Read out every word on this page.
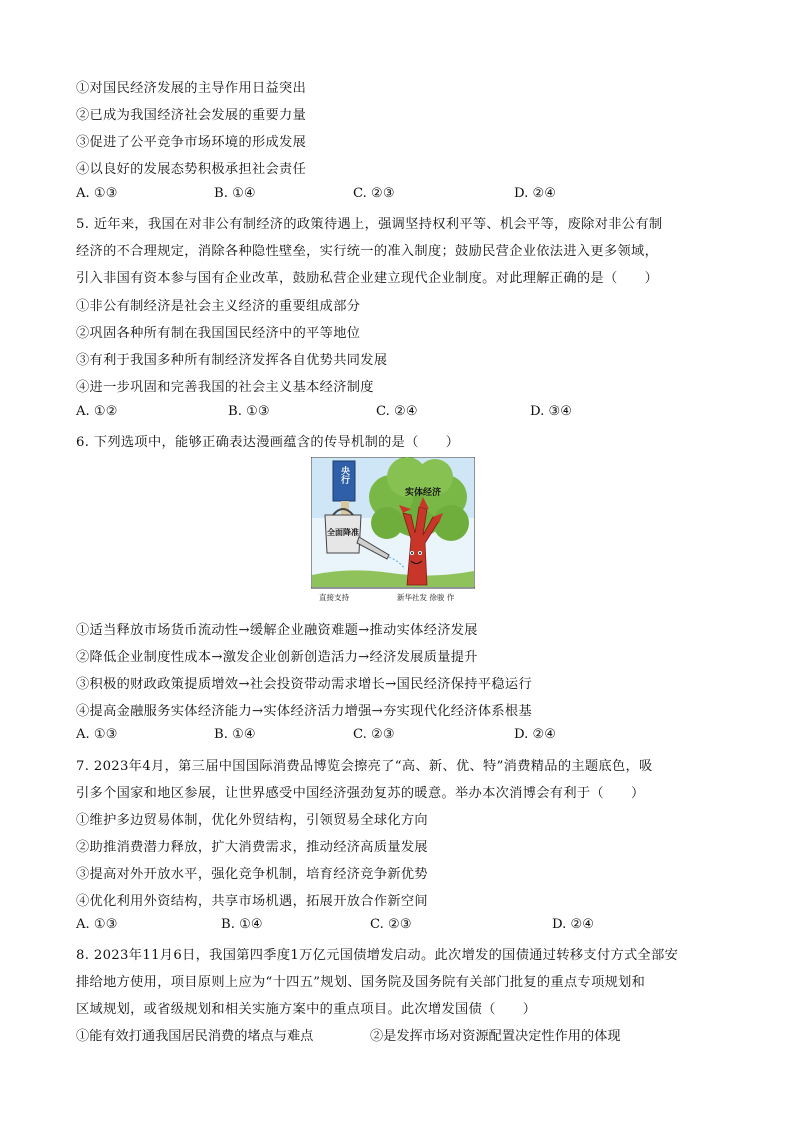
①对国民经济发展的主导作用日益突出
②已成为我国经济社会发展的重要力量
③促进了公平竞争市场环境的形成发展
④以良好的发展态势积极承担社会责任
A. ①③	B. ①④	C. ②③	D. ②④
5. 近年来，我国在对非公有制经济的政策待遇上，强调坚持权利平等、机会平等，废除对非公有制
经济的不合理规定，消除各种隐性壁垒，实行统一的准入制度；鼓励民营企业依法进入更多领域，
引入非国有资本参与国有企业改革，鼓励私营企业建立现代企业制度。对此理解正确的是（　　）
①非公有制经济是社会主义经济的重要组成部分
②巩固各种所有制在我国国民经济中的平等地位
③有利于我国多种所有制经济发挥各自优势共同发展
④进一步巩固和完善我国的社会主义基本经济制度
A. ①②	B. ①③	C. ②④	D. ③④
6. 下列选项中，能够正确表达漫画蕴含的传导机制的是（　　）
实体经济
央行
全面降准
直接支持	新华社发 徐骏 作
①适当释放市场货币流动性→缓解企业融资难题→推动实体经济发展
②降低企业制度性成本→激发企业创新创造活力→经济发展质量提升
③积极的财政政策提质增效→社会投资带动需求增长→国民经济保持平稳运行
④提高金融服务实体经济能力→实体经济活力增强→夯实现代化经济体系根基
A. ①③	B. ①④	C. ②③	D. ②④
7. 2023年4月，第三届中国国际消费品博览会擦亮了“高、新、优、特”消费精品的主题底色，吸
引多个国家和地区参展，让世界感受中国经济强劲复苏的暖意。举办本次消博会有利于（　　）
①维护多边贸易体制，优化外贸结构，引领贸易全球化方向
②助推消费潜力释放，扩大消费需求，推动经济高质量发展
③提高对外开放水平，强化竞争机制，培育经济竞争新优势
④优化利用外资结构，共享市场机遇，拓展开放合作新空间
A. ①③	B. ①④	C. ②③	D. ②④
8. 2023年11月6日，我国第四季度1万亿元国债增发启动。此次增发的国债通过转移支付方式全部安
排给地方使用，项目原则上应为“十四五”规划、国务院及国务院有关部门批复的重点专项规划和
区域规划，或省级规划和相关实施方案中的重点项目。此次增发国债（　　）
①能有效打通我国居民消费的堵点与难点	②是发挥市场对资源配置决定性作用的体现
